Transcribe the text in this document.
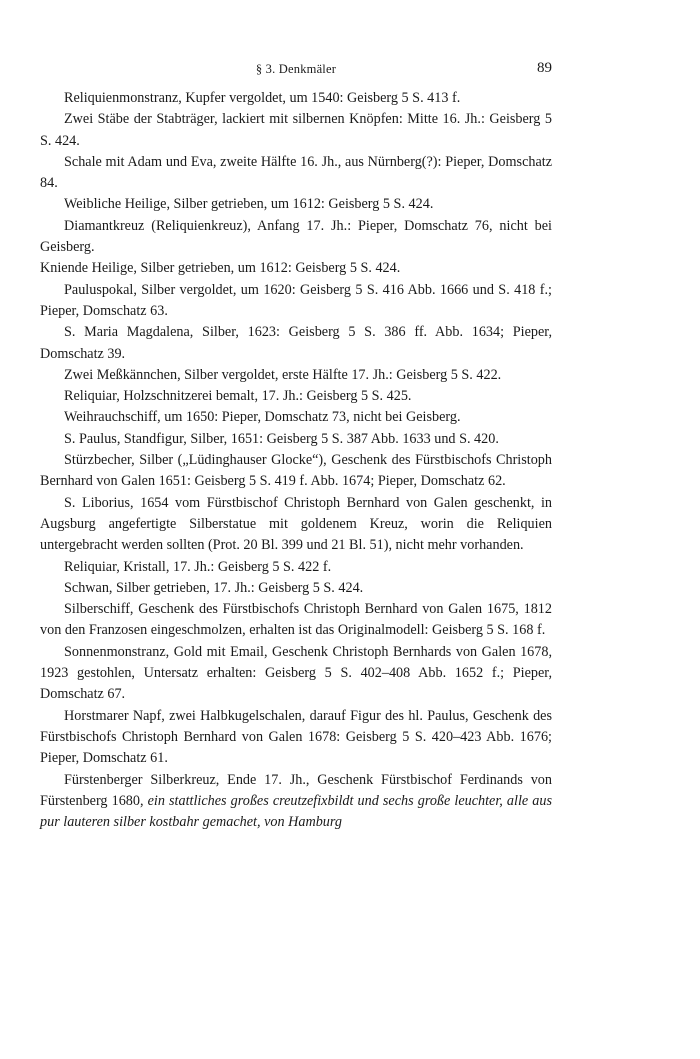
§ 3. Denkmäler	89

Reliquienmonstranz, Kupfer vergoldet, um 1540: Geisberg 5 S. 413 f.

Zwei Stäbe der Stabträger, lackiert mit silbernen Knöpfen: Mitte 16. Jh.: Geisberg 5 S. 424.

Schale mit Adam und Eva, zweite Hälfte 16. Jh., aus Nürnberg(?): Pieper, Domschatz 84.

Weibliche Heilige, Silber getrieben, um 1612: Geisberg 5 S. 424.

Diamantkreuz (Reliquienkreuz), Anfang 17. Jh.: Pieper, Domschatz 76, nicht bei Geisberg.

Kniende Heilige, Silber getrieben, um 1612: Geisberg 5 S. 424.

Pauluspokal, Silber vergoldet, um 1620: Geisberg 5 S. 416 Abb. 1666 und S. 418 f.; Pieper, Domschatz 63.

S. Maria Magdalena, Silber, 1623: Geisberg 5 S. 386 ff. Abb. 1634; Pieper, Domschatz 39.

Zwei Meßkännchen, Silber vergoldet, erste Hälfte 17. Jh.: Geisberg 5 S. 422.

Reliquiar, Holzschnitzerei bemalt, 17. Jh.: Geisberg 5 S. 425.

Weihrauchschiff, um 1650: Pieper, Domschatz 73, nicht bei Geisberg.

S. Paulus, Standfigur, Silber, 1651: Geisberg 5 S. 387 Abb. 1633 und S. 420.

Stürzbecher, Silber („Lüdinghauser Glocke“), Geschenk des Fürstbischofs Christoph Bernhard von Galen 1651: Geisberg 5 S. 419 f. Abb. 1674; Pieper, Domschatz 62.

S. Liborius, 1654 vom Fürstbischof Christoph Bernhard von Galen geschenkt, in Augsburg angefertigte Silberstatue mit goldenem Kreuz, worin die Reliquien untergebracht werden sollten (Prot. 20 Bl. 399 und 21 Bl. 51), nicht mehr vorhanden.

Reliquiar, Kristall, 17. Jh.: Geisberg 5 S. 422 f.

Schwan, Silber getrieben, 17. Jh.: Geisberg 5 S. 424.

Silberschiff, Geschenk des Fürstbischofs Christoph Bernhard von Galen 1675, 1812 von den Franzosen eingeschmolzen, erhalten ist das Originalmodell: Geisberg 5 S. 168 f.

Sonnenmonstranz, Gold mit Email, Geschenk Christoph Bernhards von Galen 1678, 1923 gestohlen, Untersatz erhalten: Geisberg 5 S. 402–408 Abb. 1652 f.; Pieper, Domschatz 67.

Horstmarer Napf, zwei Halbkugelschalen, darauf Figur des hl. Paulus, Geschenk des Fürstbischofs Christoph Bernhard von Galen 1678: Geisberg 5 S. 420–423 Abb. 1676; Pieper, Domschatz 61.

Fürstenberger Silberkreuz, Ende 17. Jh., Geschenk Fürstbischof Ferdinands von Fürstenberg 1680, ein stattliches großes creutzefixbildt und sechs große leuchter, alle aus pur lauteren silber kostbahr gemachet, von Hamburg
